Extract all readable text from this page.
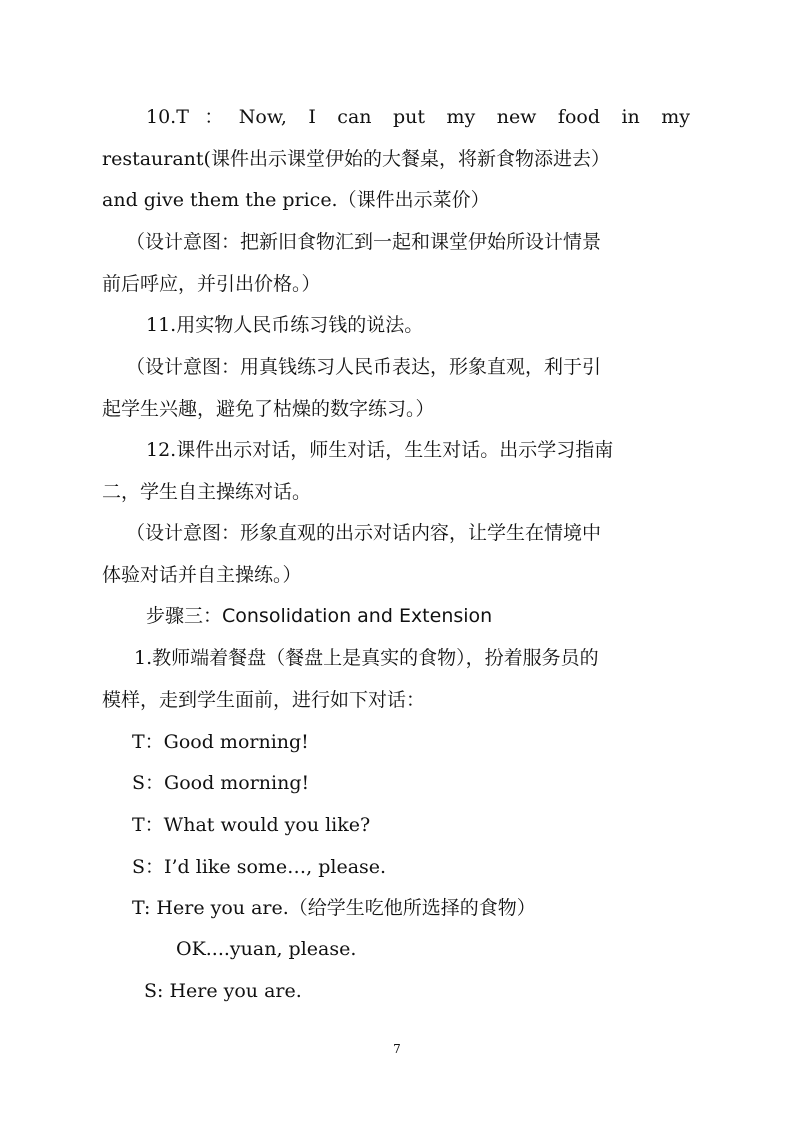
10.T：Now, I can put my new food in my
restaurant(课件出示课堂伊始的大餐桌，将新食物添进去）
and give them the price.（课件出示菜价）
（设计意图：把新旧食物汇到一起和课堂伊始所设计情景
前后呼应，并引出价格。）
11.用实物人民币练习钱的说法。
（设计意图：用真钱练习人民币表达，形象直观，利于引
起学生兴趣，避免了枯燥的数字练习。）
12.课件出示对话，师生对话，生生对话。出示学习指南
二，学生自主操练对话。
（设计意图：形象直观的出示对话内容，让学生在情境中
体验对话并自主操练。）
步骤三：Consolidation and Extension
1.教师端着餐盘（餐盘上是真实的食物），扮着服务员的
模样，走到学生面前，进行如下对话：
T：Good morning!
S：Good morning!
T：What would you like?
S：I’d like some…, please.
T: Here you are.（给学生吃他所选择的食物）
OK....yuan, please.
S: Here you are.
7
